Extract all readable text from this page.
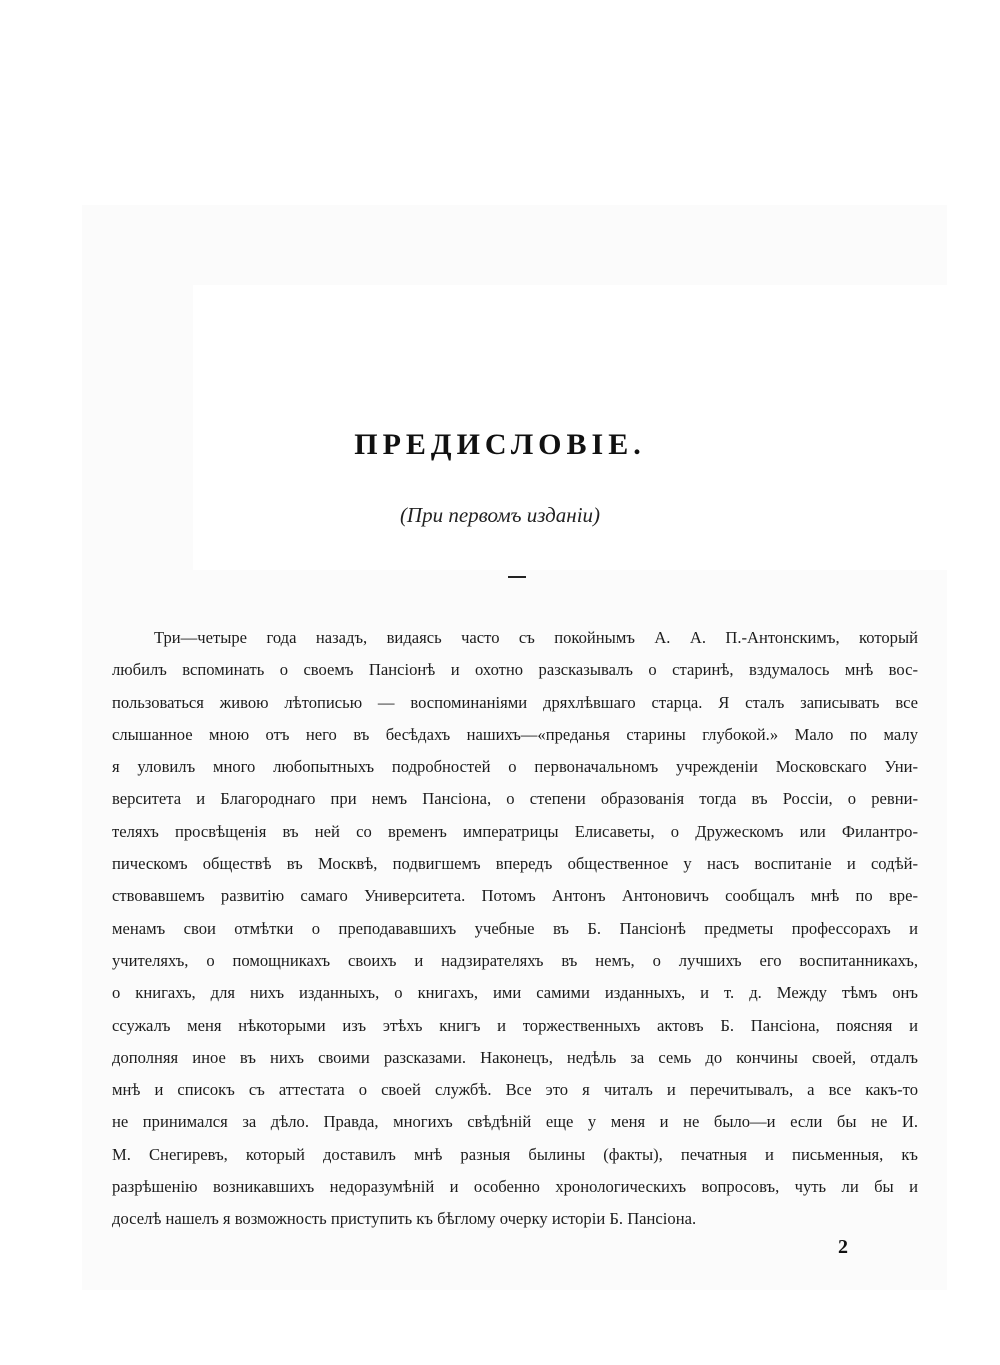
ПРЕДИСЛОВІЕ.
(При первомъ изданіи)
Три—четыре года назадъ, видаясь часто съ покойнымъ А. А. П.-Антонскимъ, который
любилъ вспоминать о своемъ Пансіонѣ и охотно разсказывалъ о старинѣ, вздумалось мнѣ вос-
пользоваться живою лѣтописью — воспоминаніями дряхлѣвшаго старца. Я сталъ записывать все
слышанное мною отъ него въ бесѣдахъ нашихъ—«преданья старины глубокой.» Мало по малу
я уловилъ много любопытныхъ подробностей о первоначальномъ учрежденіи Московскаго Уни-
верситета и Благороднаго при немъ Пансіона, о степени образованія тогда въ Россіи, о ревни-
теляхъ просвѣщенія въ ней со временъ императрицы Елисаветы, о Дружескомъ или Филантро-
пическомъ обществѣ въ Москвѣ, подвигшемъ впередъ общественное у насъ воспитаніе и содѣй-
ствовавшемъ развитію самаго Университета. Потомъ Антонъ Антоновичъ сообщалъ мнѣ по вре-
менамъ свои отмѣтки о преподававшихъ учебные въ Б. Пансіонѣ предметы профессорахъ и
учителяхъ, о помощникахъ своихъ и надзирателяхъ въ немъ, о лучшихъ его воспитанникахъ,
о книгахъ, для нихъ изданныхъ, о книгахъ, ими самими изданныхъ, и т. д. Между тѣмъ онъ
ссужалъ меня нѣкоторыми изъ этѣхъ книгъ и торжественныхъ актовъ Б. Пансіона, поясняя и
дополняя иное въ нихъ своими разсказами. Наконецъ, недѣль за семь до кончины своей, отдалъ
мнѣ и списокъ съ аттестата о своей службѣ. Все это я читалъ и перечитывалъ, а все какъ-то
не принимался за дѣло. Правда, многихъ свѣдѣній еще у меня и не было—и если бы не И.
М. Снегиревъ, который доставилъ мнѣ разныя былины (факты), печатныя и письменныя, къ
разрѣшенію возникавшихъ недоразумѣній и особенно хронологическихъ вопросовъ, чуть ли бы и
доселѣ нашелъ я возможность приступить къ бѣглому очерку исторіи Б. Пансіона.
2
